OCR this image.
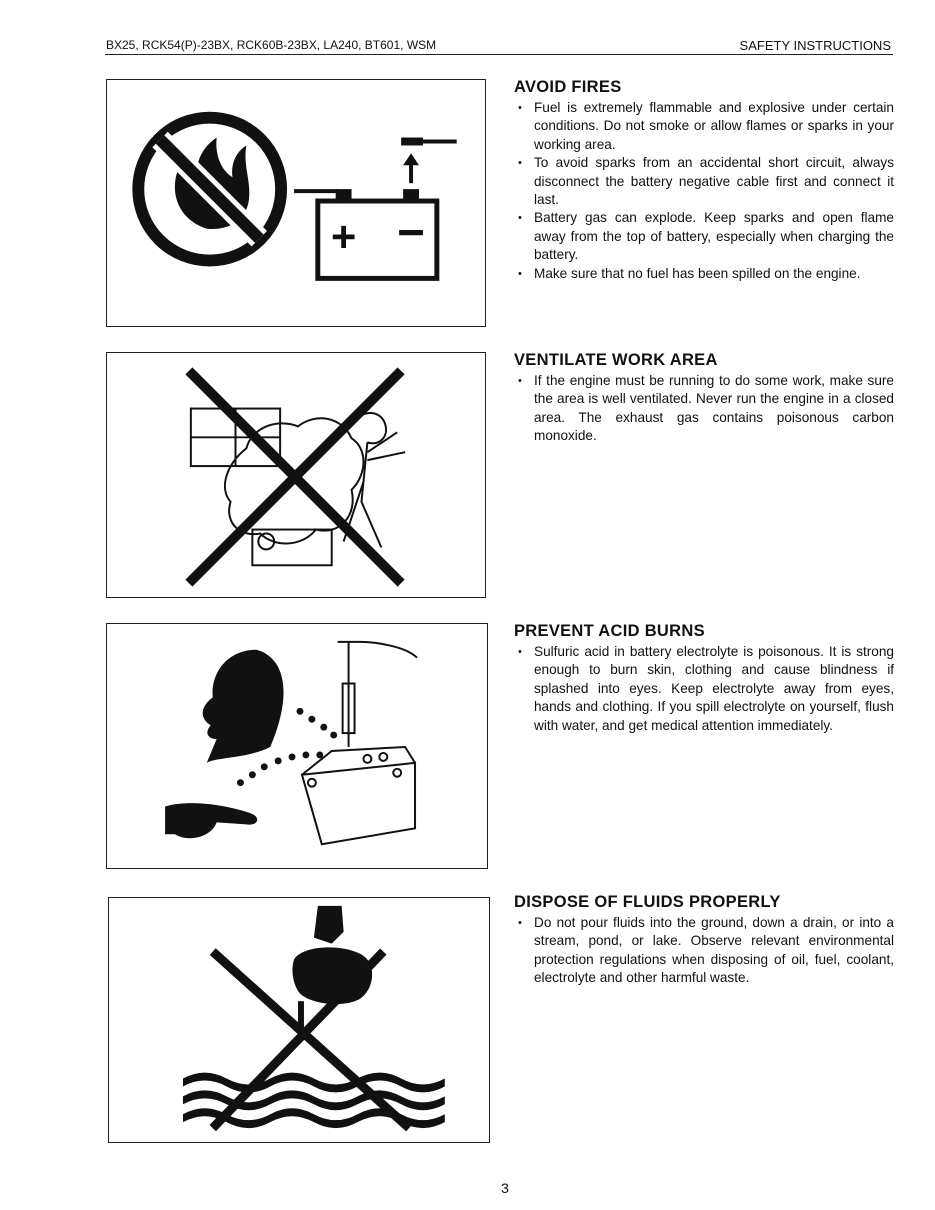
BX25, RCK54(P)-23BX, RCK60B-23BX, LA240, BT601, WSM	SAFETY INSTRUCTIONS
+ −
AVOID FIRES
• Fuel is extremely flammable and explosive under certain conditions. Do not smoke or allow flames or sparks in your working area.
• To avoid sparks from an accidental short circuit, always disconnect the battery negative cable first and connect it last.
• Battery gas can explode. Keep sparks and open flame away from the top of battery, especially when charging the battery.
• Make sure that no fuel has been spilled on the engine.
VENTILATE WORK AREA
• If the engine must be running to do some work, make sure the area is well ventilated. Never run the engine in a closed area. The exhaust gas contains poisonous carbon monoxide.
PREVENT ACID BURNS
• Sulfuric acid in battery electrolyte is poisonous. It is strong enough to burn skin, clothing and cause blindness if splashed into eyes. Keep electrolyte away from eyes, hands and clothing. If you spill electrolyte on yourself, flush with water, and get medical attention immediately.
DISPOSE OF FLUIDS PROPERLY
• Do not pour fluids into the ground, down a drain, or into a stream, pond, or lake. Observe relevant environmental protection regulations when disposing of oil, fuel, coolant, electrolyte and other harmful waste.
3
